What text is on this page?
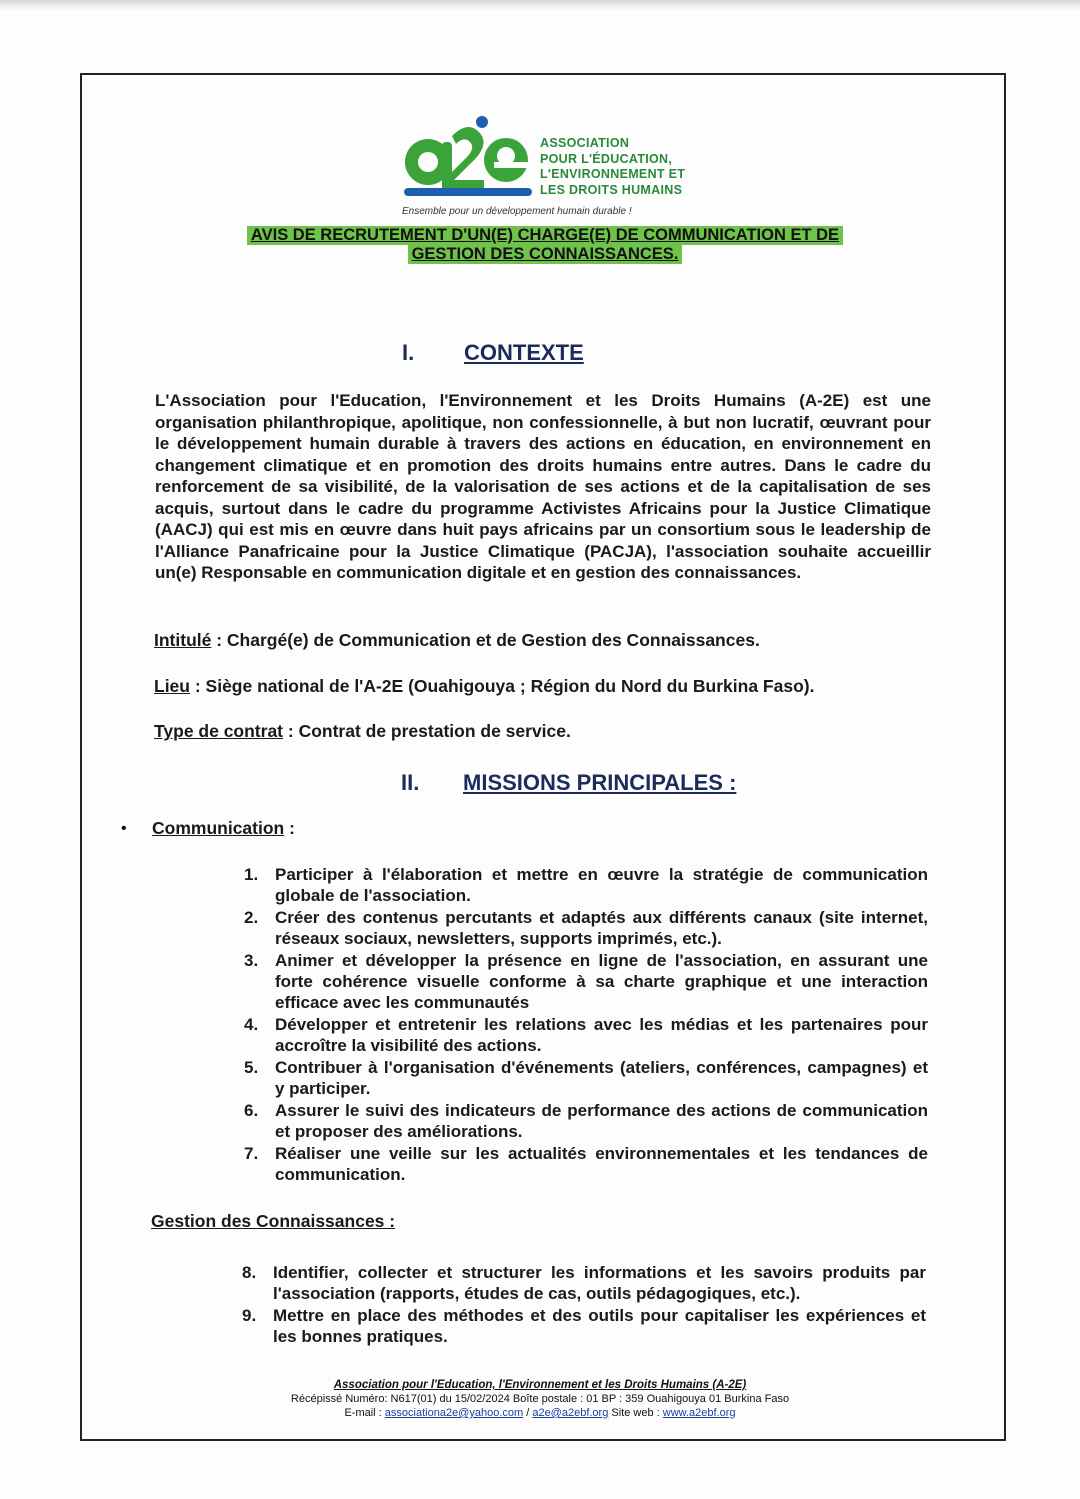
ASSOCIATION
POUR L'ÉDUCATION,
L'ENVIRONNEMENT ET
LES DROITS HUMAINS
Ensemble pour un développement humain durable !
AVIS DE RECRUTEMENT D'UN(E) CHARGE(E) DE COMMUNICATION ET DE
GESTION DES CONNAISSANCES.
I. CONTEXTE
L'Association pour l'Education, l'Environnement et les Droits Humains (A-2E) est une organisation philanthropique, apolitique, non confessionnelle, à but non lucratif, œuvrant pour le développement humain durable à travers des actions en éducation, en environnement en changement climatique et en promotion des droits humains entre autres. Dans le cadre du renforcement de sa visibilité, de la valorisation de ses actions et de la capitalisation de ses acquis, surtout dans le cadre du programme Activistes Africains pour la Justice Climatique (AACJ) qui est mis en œuvre dans huit pays africains par un consortium sous le leadership de l'Alliance Panafricaine pour la Justice Climatique (PACJA), l'association souhaite accueillir un(e) Responsable en communication digitale et en gestion des connaissances.
Intitulé : Chargé(e) de Communication et de Gestion des Connaissances.
Lieu : Siège national de l'A-2E (Ouahigouya ; Région du Nord du Burkina Faso).
Type de contrat : Contrat de prestation de service.
II. MISSIONS PRINCIPALES :
• Communication :
1. Participer à l'élaboration et mettre en œuvre la stratégie de communication globale de l'association.
2. Créer des contenus percutants et adaptés aux différents canaux (site internet, réseaux sociaux, newsletters, supports imprimés, etc.).
3. Animer et développer la présence en ligne de l'association, en assurant une forte cohérence visuelle conforme à sa charte graphique et une interaction efficace avec les communautés
4. Développer et entretenir les relations avec les médias et les partenaires pour accroître la visibilité des actions.
5. Contribuer à l'organisation d'événements (ateliers, conférences, campagnes) et y participer.
6. Assurer le suivi des indicateurs de performance des actions de communication et proposer des améliorations.
7. Réaliser une veille sur les actualités environnementales et les tendances de communication.
Gestion des Connaissances :
8. Identifier, collecter et structurer les informations et les savoirs produits par l'association (rapports, études de cas, outils pédagogiques, etc.).
9. Mettre en place des méthodes et des outils pour capitaliser les expériences et les bonnes pratiques.
Association pour l'Education, l'Environnement et les Droits Humains (A-2E)
Récépissé Numéro: N617(01) du 15/02/2024 Boîte postale : 01 BP : 359 Ouahigouya 01 Burkina Faso
E-mail : associationa2e@yahoo.com / a2e@a2ebf.org Site web : www.a2ebf.org
